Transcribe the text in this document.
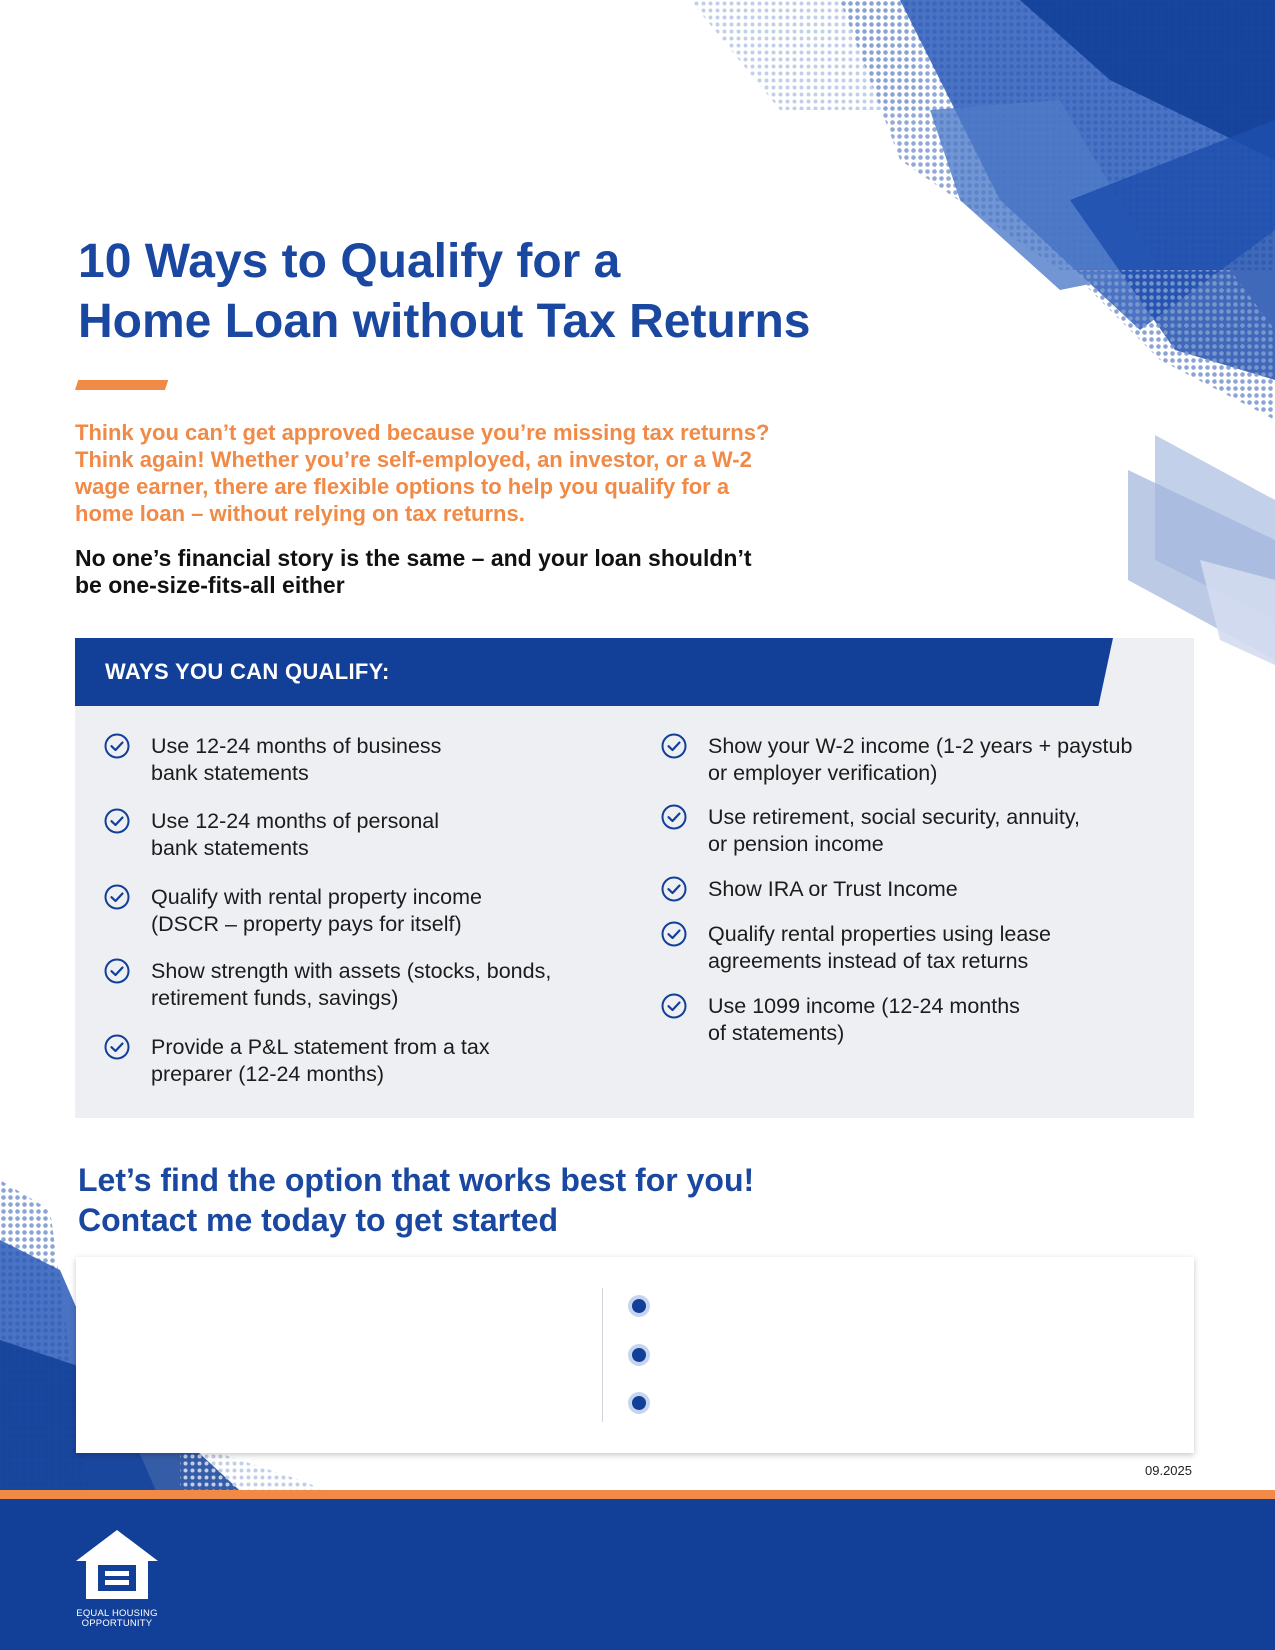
10 Ways to Qualify for a
Home Loan without Tax Returns

Think you can’t get approved because you’re missing tax returns?
Think again! Whether you’re self-employed, an investor, or a W-2
wage earner, there are flexible options to help you qualify for a
home loan – without relying on tax returns.

No one’s financial story is the same – and your loan shouldn’t
be one-size-fits-all either

WAYS YOU CAN QUALIFY:
Use 12-24 months of business
bank statements
Use 12-24 months of personal
bank statements
Qualify with rental property income
(DSCR – property pays for itself)
Show strength with assets (stocks, bonds,
retirement funds, savings)
Provide a P&L statement from a tax
preparer (12-24 months)
Show your W-2 income (1-2 years + paystub
or employer verification)
Use retirement, social security, annuity,
or pension income
Show IRA or Trust Income
Qualify rental properties using lease
agreements instead of tax returns
Use 1099 income (12-24 months
of statements)
Let’s find the option that works best for you!
Contact me today to get started

09.2025

EQUAL HOUSING
OPPORTUNITY
